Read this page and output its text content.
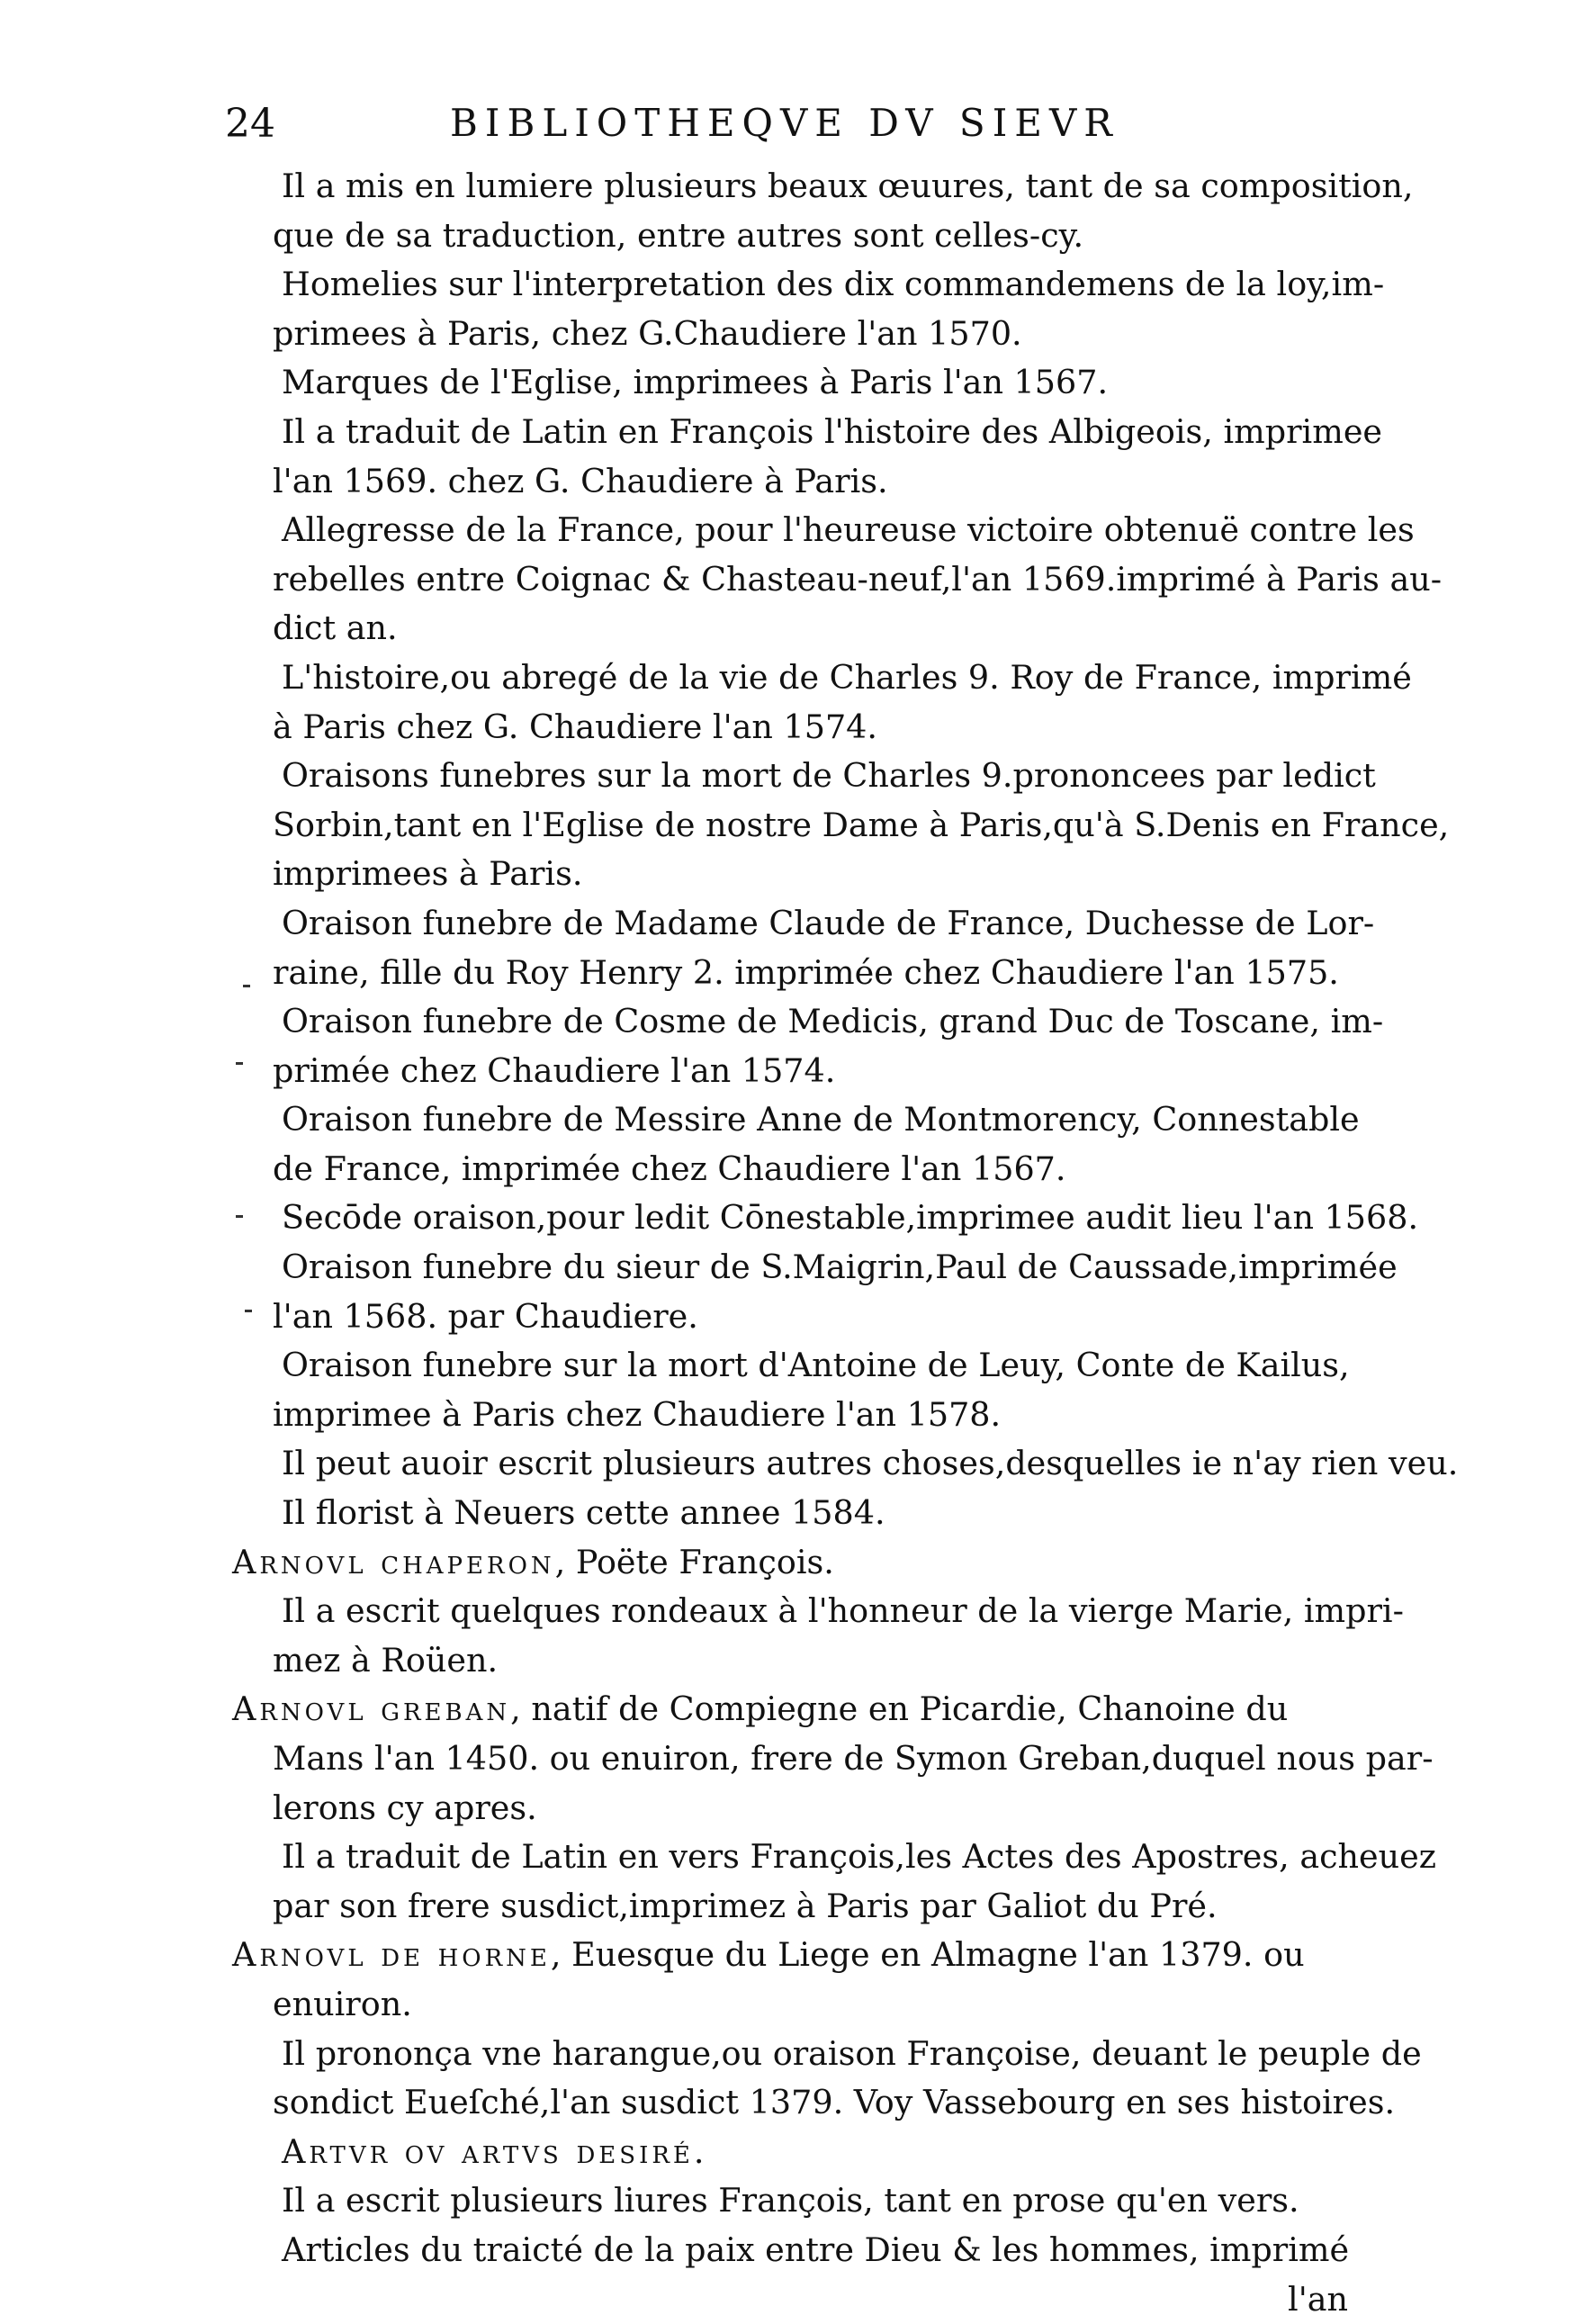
24	BIBLIOTHEQVE DV SIEVR
Il a mis en lumiere plusieurs beaux œuures, tant de sa composition,
que de sa traduction, entre autres sont celles-cy.
Homelies sur l'interpretation des dix commandemens de la loy,im-
primees à Paris, chez G.Chaudiere l'an 1570.
Marques de l'Eglise, imprimees à Paris l'an 1567.
Il a traduit de Latin en François l'histoire des Albigeois, imprimee
l'an 1569. chez G. Chaudiere à Paris.
Allegresse de la France, pour l'heureuse victoire obtenuë contre les
rebelles entre Coignac & Chasteau-neuf,l'an 1569.imprimé à Paris au-
dict an.
L'histoire,ou abregé de la vie de Charles 9. Roy de France, imprimé
à Paris chez G. Chaudiere l'an 1574.
Oraisons funebres sur la mort de Charles 9.prononcees par ledict
Sorbin,tant en l'Eglise de nostre Dame à Paris,qu'à S.Denis en France,
imprimees à Paris.
Oraison funebre de Madame Claude de France, Duchesse de Lor-
raine, fille du Roy Henry 2. imprimée chez Chaudiere l'an 1575.
Oraison funebre de Cosme de Medicis, grand Duc de Toscane, im-
primée chez Chaudiere l'an 1574.
Oraison funebre de Messire Anne de Montmorency, Connestable
de France, imprimée chez Chaudiere l'an 1567.
Secōde oraison,pour ledit Cōnestable,imprimee audit lieu l'an 1568.
Oraison funebre du sieur de S.Maigrin,Paul de Caussade,imprimée
l'an 1568. par Chaudiere.
Oraison funebre sur la mort d'Antoine de Leuy, Conte de Kailus,
imprimee à Paris chez Chaudiere l'an 1578.
Il peut auoir escrit plusieurs autres choses,desquelles ie n'ay rien veu.
Il florist à Neuers cette annee 1584.
Arnovl chaperon, Poëte François.
Il a escrit quelques rondeaux à l'honneur de la vierge Marie, impri-
mez à Roüen.
Arnovl greban, natif de Compiegne en Picardie, Chanoine du
Mans l'an 1450. ou enuiron, frere de Symon Greban,duquel nous par-
lerons cy apres.
Il a traduit de Latin en vers François,les Actes des Apostres, acheuez
par son frere susdict,imprimez à Paris par Galiot du Pré.
Arnovl de horne, Euesque du Liege en Almagne l'an 1379. ou
enuiron.
Il prononça vne harangue,ou oraison Françoise, deuant le peuple de
sondict Eueſché,l'an susdict 1379. Voy Vassebourg en ses histoires.
Artvr ov artvs desiré.
Il a escrit plusieurs liures François, tant en prose qu'en vers.
Articles du traicté de la paix entre Dieu & les hommes, imprimé
l'an
